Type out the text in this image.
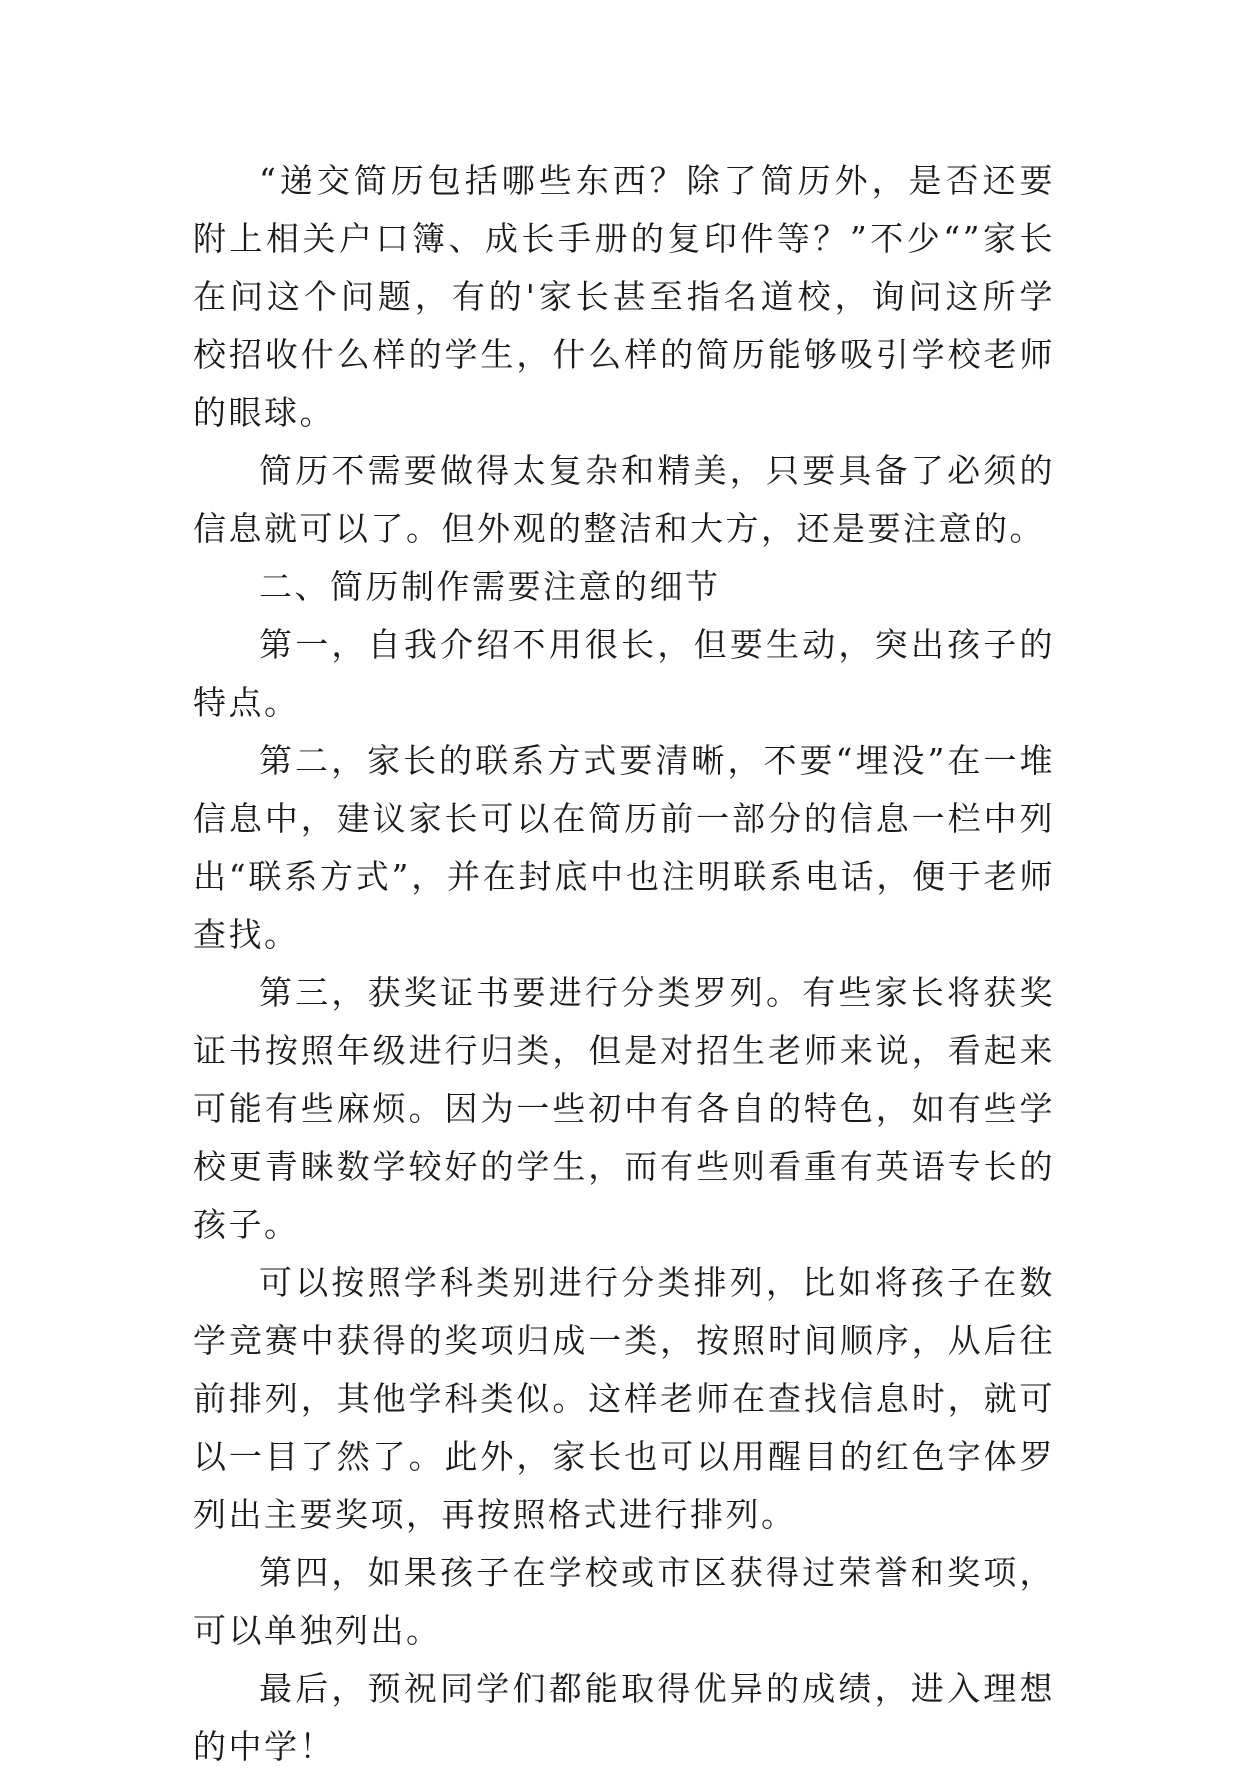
“递交简历包括哪些东西？除了简历外，是否还要附上相关户口簿、成长手册的复印件等？”不少“”家长在问这个问题，有的'家长甚至指名道校，询问这所学校招收什么样的学生，什么样的简历能够吸引学校老师的眼球。

简历不需要做得太复杂和精美，只要具备了必须的信息就可以了。但外观的整洁和大方，还是要注意的。

二、简历制作需要注意的细节

第一，自我介绍不用很长，但要生动，突出孩子的特点。

第二，家长的联系方式要清晰，不要“埋没”在一堆信息中，建议家长可以在简历前一部分的信息一栏中列出“联系方式”，并在封底中也注明联系电话，便于老师查找。

第三，获奖证书要进行分类罗列。有些家长将获奖证书按照年级进行归类，但是对招生老师来说，看起来可能有些麻烦。因为一些初中有各自的特色，如有些学校更青睐数学较好的学生，而有些则看重有英语专长的孩子。

可以按照学科类别进行分类排列，比如将孩子在数学竞赛中获得的奖项归成一类，按照时间顺序，从后往前排列，其他学科类似。这样老师在查找信息时，就可以一目了然了。此外，家长也可以用醒目的红色字体罗列出主要奖项，再按照格式进行排列。

第四，如果孩子在学校或市区获得过荣誉和奖项，可以单独列出。

最后，预祝同学们都能取得优异的成绩，进入理想的中学！
